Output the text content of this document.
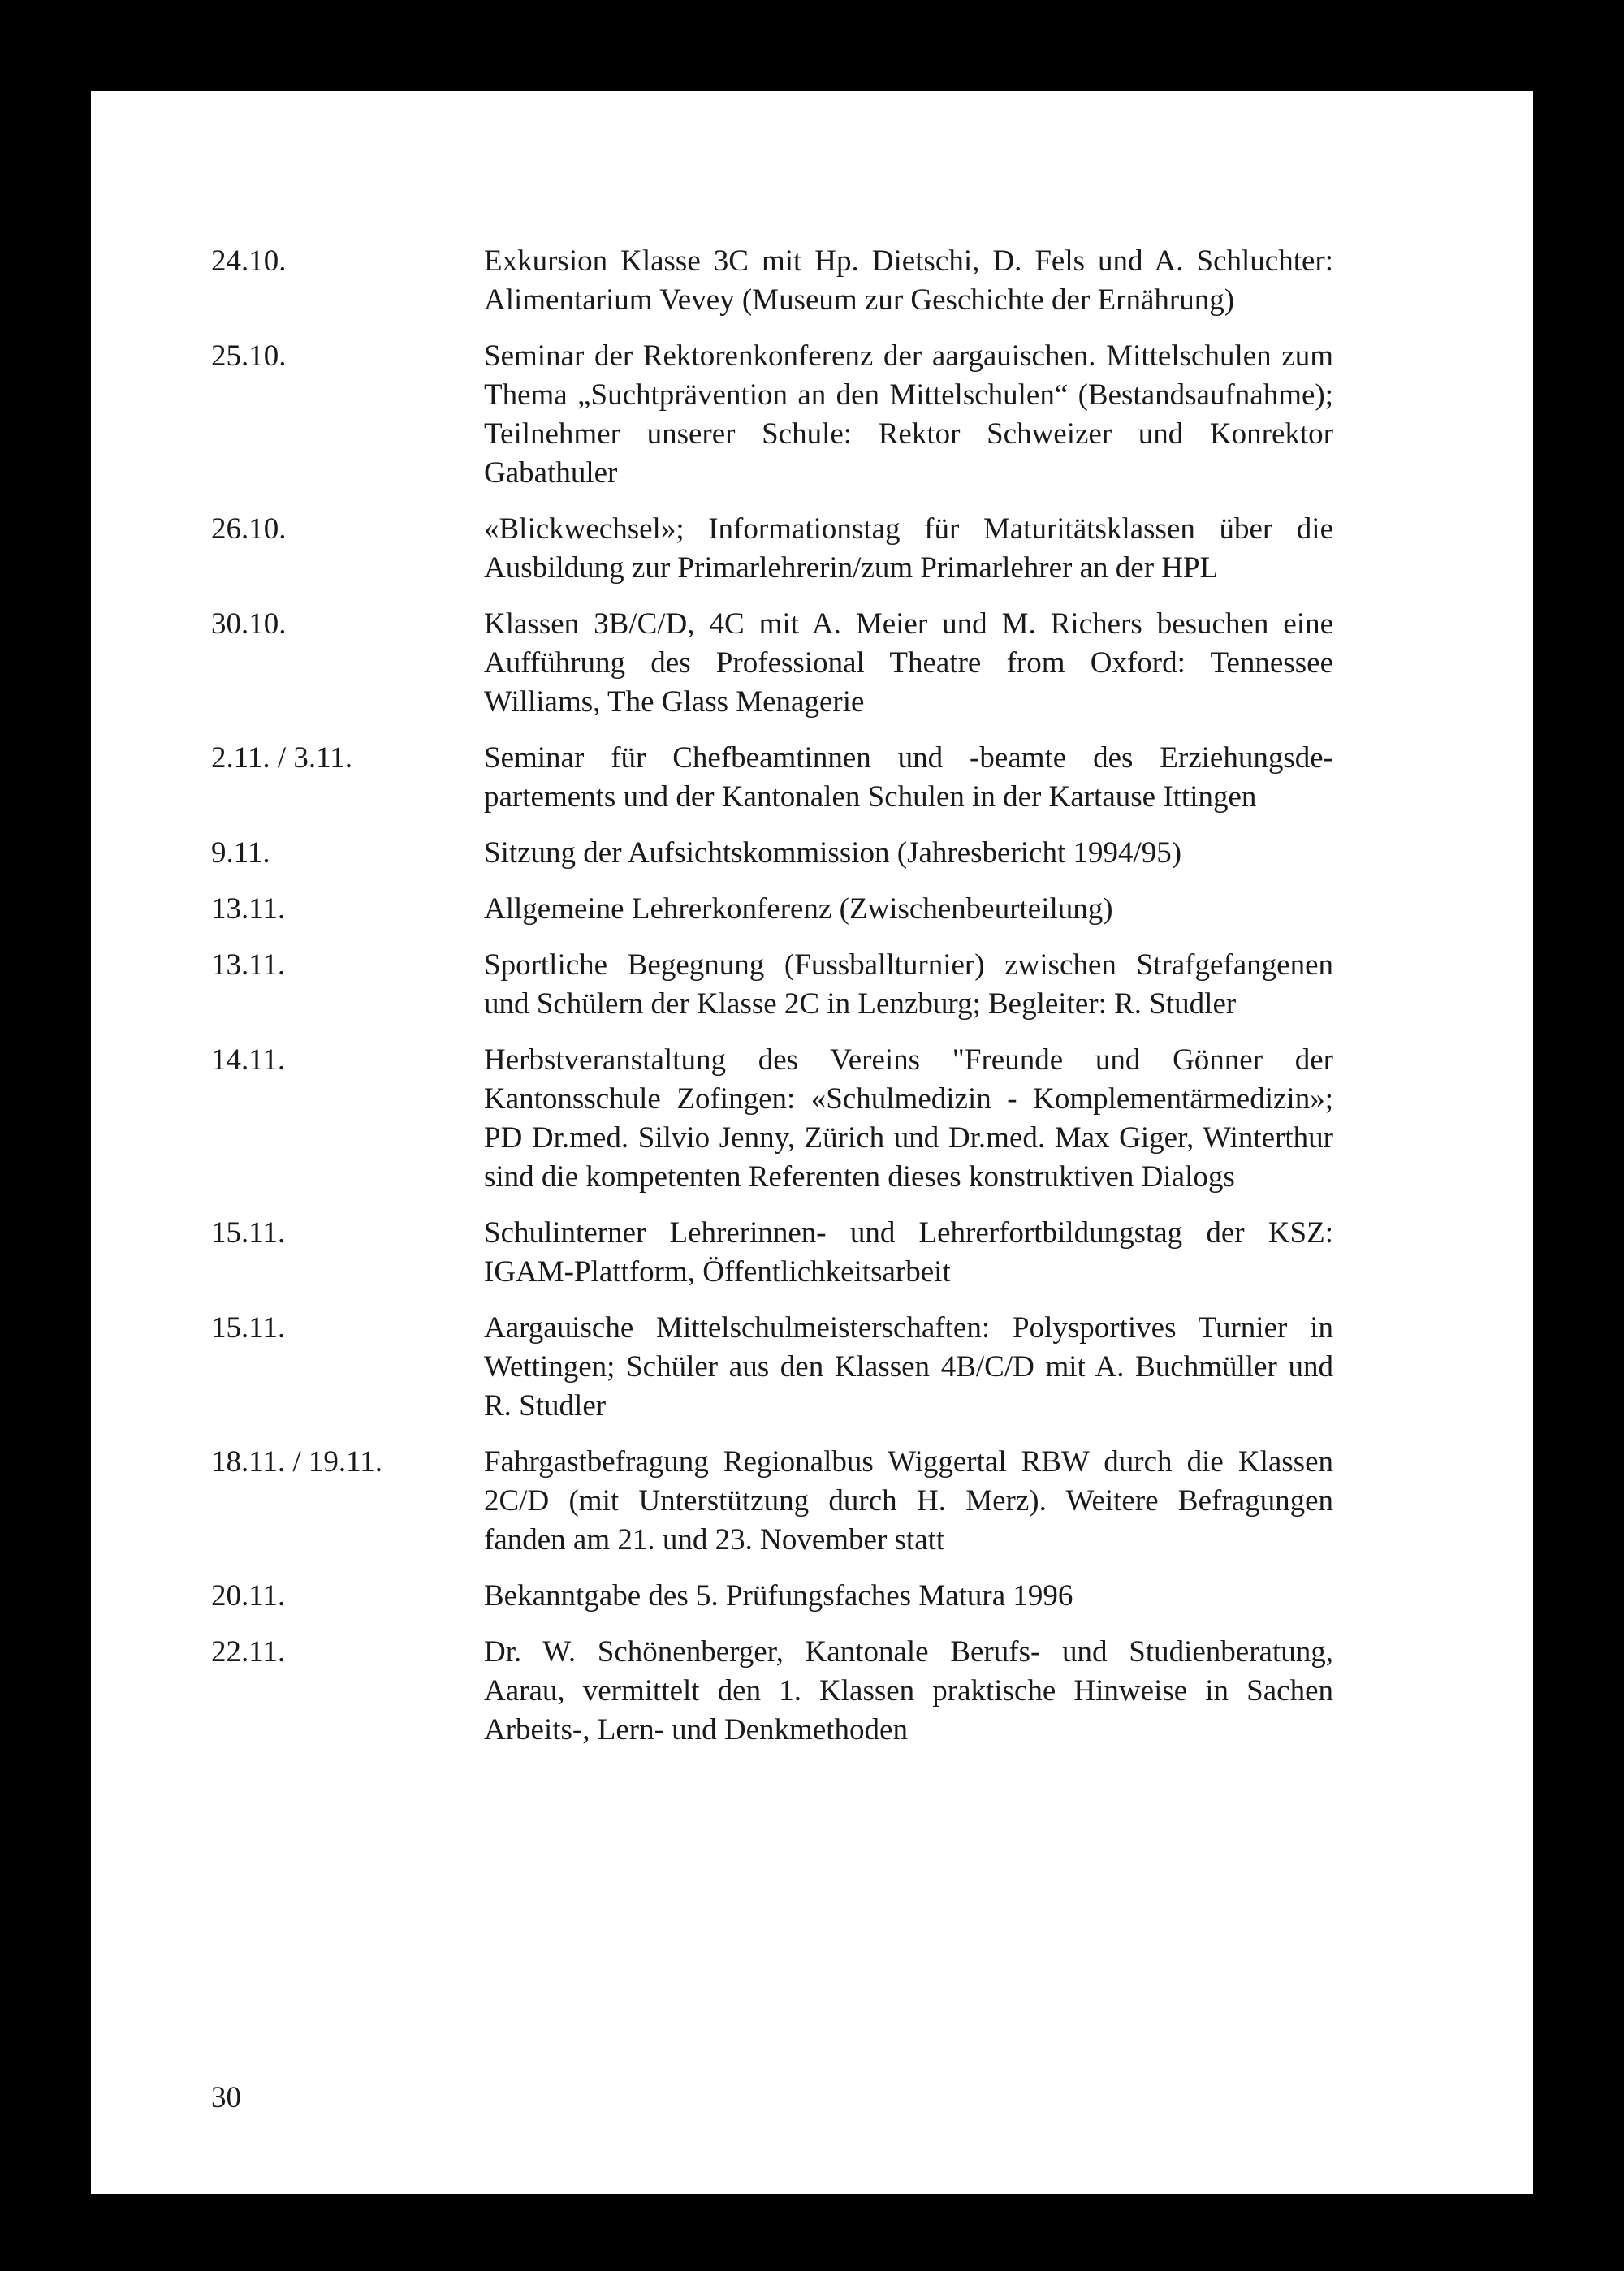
24.10.	Exkursion Klasse 3C mit Hp. Dietschi, D. Fels und A. Schluchter: Alimentarium Vevey (Museum zur Geschichte der Ernährung)
25.10.	Seminar der Rektorenkonferenz der aargauischen. Mittelschulen zum Thema „Suchtprävention an den Mittelschulen“ (Bestandsaufnahme); Teilnehmer unserer Schule: Rektor Schweizer und Konrektor Gabathuler
26.10.	«Blickwechsel»; Informationstag für Maturitätsklassen über die Ausbildung zur Primarlehrerin/zum Primarlehrer an der HPL
30.10.	Klassen 3B/C/D, 4C mit A. Meier und M. Richers besuchen eine Aufführung des Professional Theatre from Oxford: Tennessee Williams, The Glass Menagerie
2.11. / 3.11.	Seminar für Chefbeamtinnen und -beamte des Erziehungsdepartements und der Kantonalen Schulen in der Kartause Ittingen
9.11.	Sitzung der Aufsichtskommission (Jahresbericht 1994/95)
13.11.	Allgemeine Lehrerkonferenz (Zwischenbeurteilung)
13.11.	Sportliche Begegnung (Fussballturnier) zwischen Strafgefangenen und Schülern der Klasse 2C in Lenzburg; Begleiter: R. Studler
14.11.	Herbstveranstaltung des Vereins "Freunde und Gönner der Kantonsschule Zofingen: «Schulmedizin - Komplementärmedizin»; PD Dr.med. Silvio Jenny, Zürich und Dr.med. Max Giger, Winterthur sind die kompetenten Referenten dieses konstruktiven Dialogs
15.11.	Schulinterner Lehrerinnen- und Lehrerfortbildungstag der KSZ: IGAM-Plattform, Öffentlichkeitsarbeit
15.11.	Aargauische Mittelschulmeisterschaften: Polysportives Turnier in Wettingen; Schüler aus den Klassen 4B/C/D mit A. Buchmüller und R. Studler
18.11. / 19.11.	Fahrgastbefragung Regionalbus Wiggertal RBW durch die Klassen 2C/D (mit Unterstützung durch H. Merz). Weitere Befragungen fanden am 21. und 23. November statt
20.11.	Bekanntgabe des 5. Prüfungsfaches Matura 1996
22.11.	Dr. W. Schönenberger, Kantonale Berufs- und Studienberatung, Aarau, vermittelt den 1. Klassen praktische Hinweise in Sachen Arbeits-, Lern- und Denkmethoden
30
